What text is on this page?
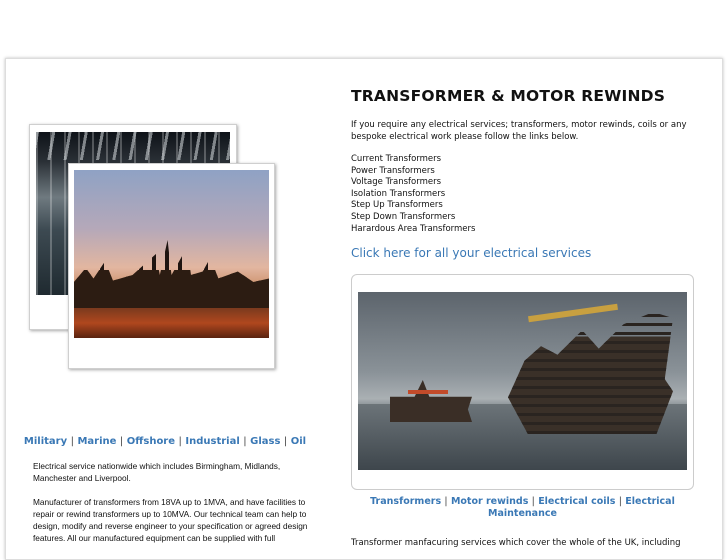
Military | Marine | Offshore | Industrial | Glass | Oil

Electrical service nationwide which includes Birmingham, Midlands, Manchester and Liverpool.

Manufacturer of transformers from 18VA up to 1MVA, and have facilities to repair or rewind transformers up to 10MVA. Our technical team can help to design, modify and reverse engineer to your specification or agreed design features. All our manufactured equipment can be supplied with full

TRANSFORMER & MOTOR REWINDS

If you require any electrical services; transformers, motor rewinds, coils or any bespoke electrical work please follow the links below.

Current Transformers
Power Transformers
Voltage Transformers
Isolation Transformers
Step Up Transformers
Step Down Transformers
Harardous Area Transformers
Click here for all your electrical services
Transformers | Motor rewinds | Electrical coils | Electrical Maintenance
Transformer manfacuring services which cover the whole of the UK, including
